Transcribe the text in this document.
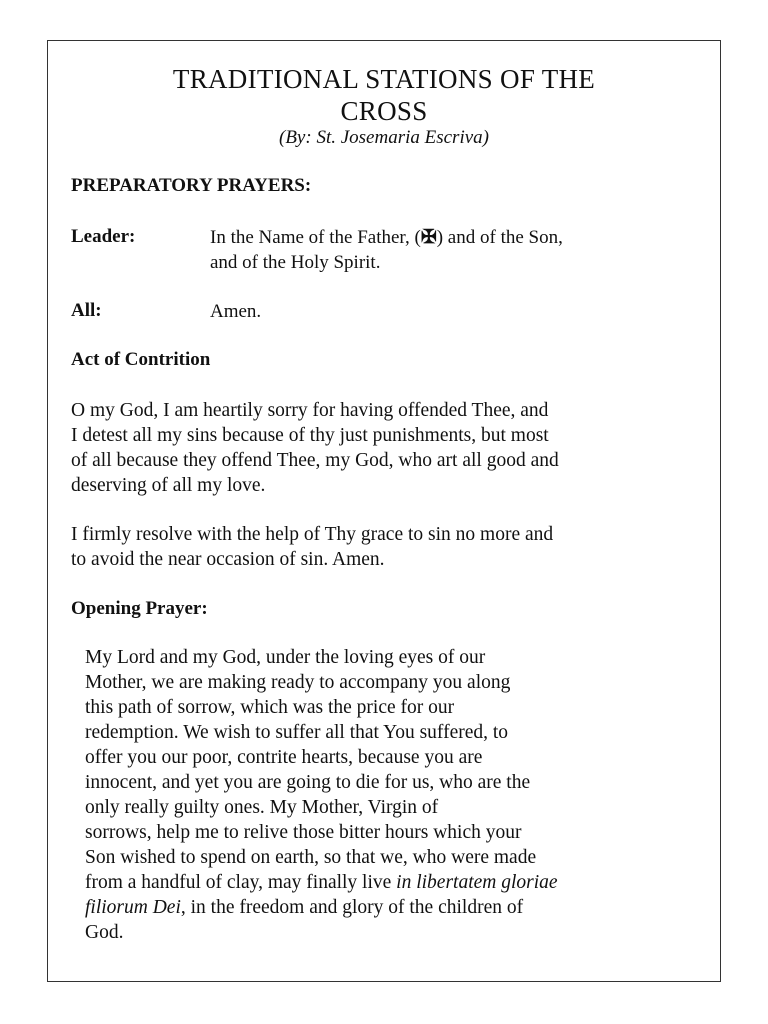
TRADITIONAL STATIONS OF THE
CROSS
(By: St. Josemaria Escriva)
PREPARATORY PRAYERS:
Leader:	In the Name of the Father, (✠) and of the Son,
and of the Holy Spirit.
All:	Amen.
Act of Contrition
O my God, I am heartily sorry for having offended Thee, and
I detest all my sins because of thy just punishments, but most
of all because they offend Thee, my God, who art all good and
deserving of all my love.
I firmly resolve with the help of Thy grace to sin no more and
to avoid the near occasion of sin. Amen.
Opening Prayer:
My Lord and my God, under the loving eyes of our
Mother, we are making ready to accompany you along
this path of sorrow, which was the price for our
redemption. We wish to suffer all that You suffered, to
offer you our poor, contrite hearts, because you are
innocent, and yet you are going to die for us, who are the
only really guilty ones. My Mother, Virgin of
sorrows, help me to relive those bitter hours which your
Son wished to spend on earth, so that we, who were made
from a handful of clay, may finally live in libertatem gloriae
filiorum Dei, in the freedom and glory of the children of
God.
